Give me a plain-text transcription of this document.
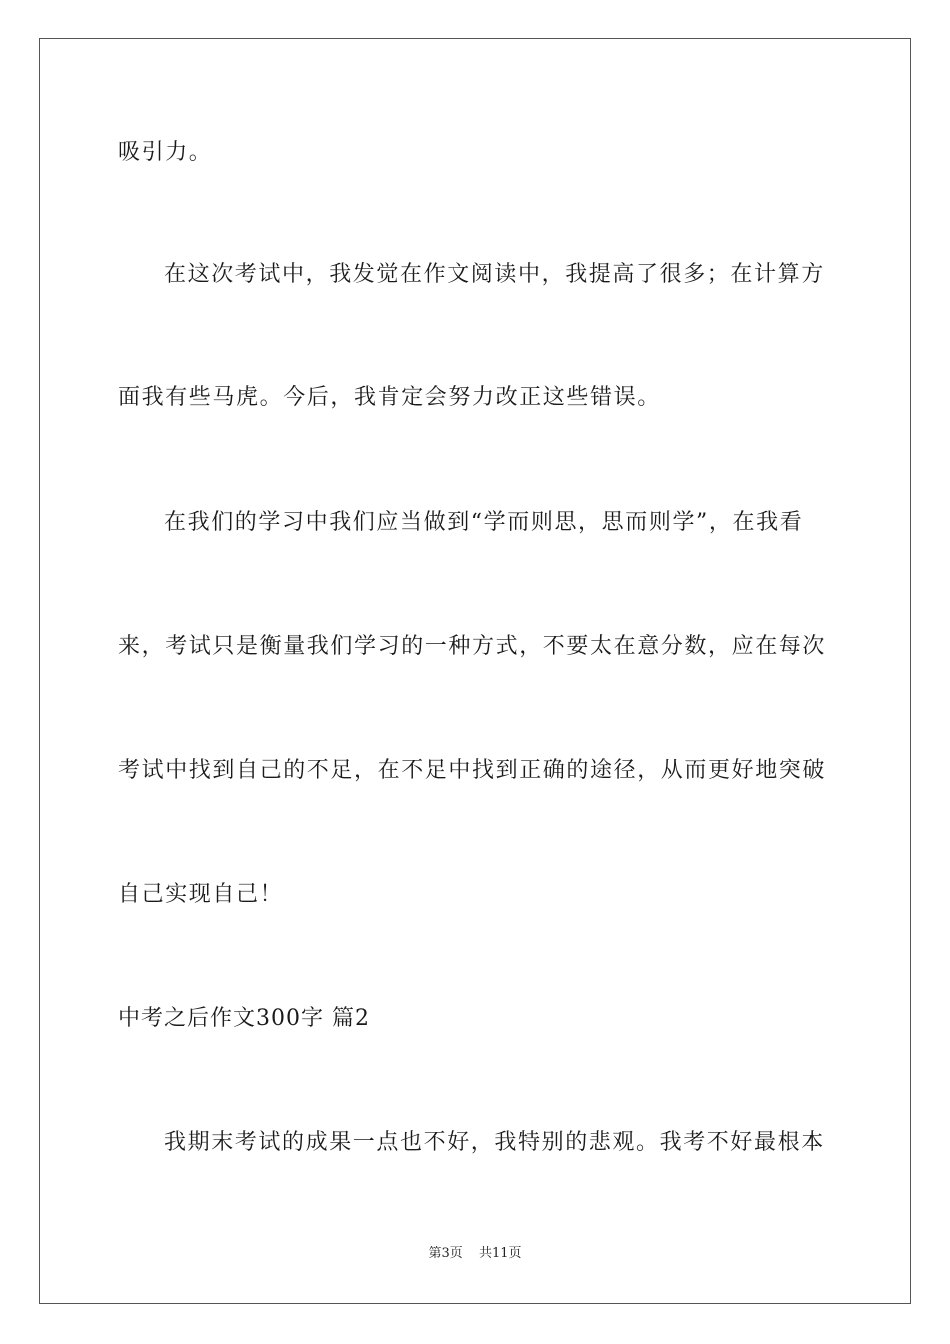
吸引力。
在这次考试中，我发觉在作文阅读中，我提高了很多；在计算方
面我有些马虎。今后，我肯定会努力改正这些错误。
在我们的学习中我们应当做到“学而则思，思而则学”，在我看
来，考试只是衡量我们学习的一种方式，不要太在意分数，应在每次
考试中找到自己的不足，在不足中找到正确的途径，从而更好地突破
自己实现自己！
中考之后作文300字 篇2
我期末考试的成果一点也不好，我特别的悲观。我考不好最根本
第3页 共11页
